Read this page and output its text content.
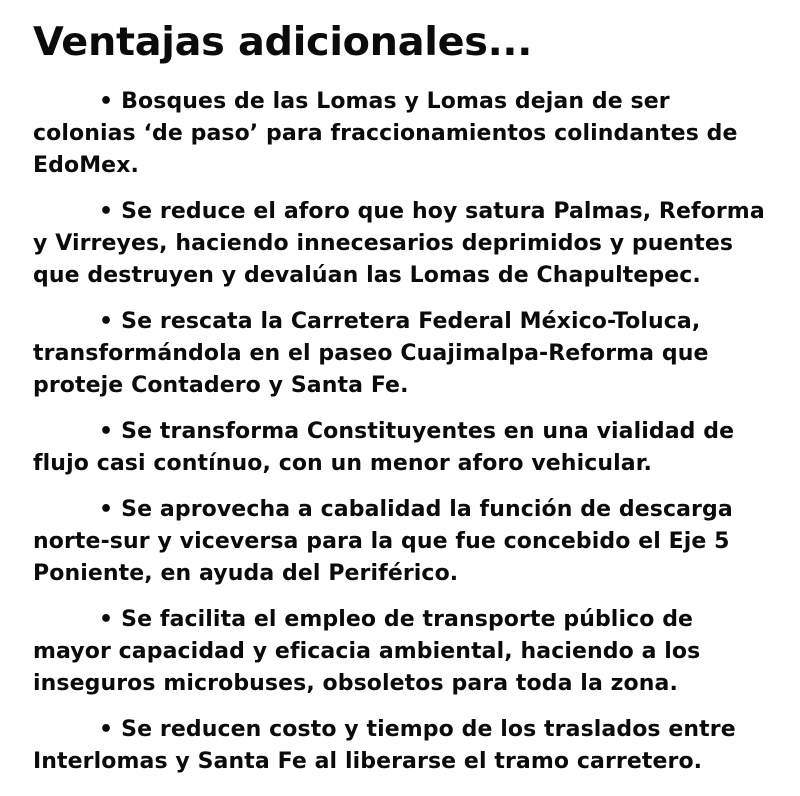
Ventajas adicionales...
• Bosques de las Lomas y Lomas dejan de ser colonias ‘de paso’ para fraccionamientos colindantes de EdoMex.
• Se reduce el aforo que hoy satura Palmas, Reforma y Virreyes, haciendo innecesarios deprimidos y puentes que destruyen y devalúan las Lomas de Chapultepec.
• Se rescata la Carretera Federal México-Toluca, transformándola en el paseo Cuajimalpa-Reforma que proteje Contadero y Santa Fe.
• Se transforma Constituyentes en una vialidad de flujo casi contínuo, con un menor aforo vehicular.
• Se aprovecha a cabalidad la función de descarga norte-sur y viceversa para la que fue concebido el Eje 5 Poniente, en ayuda del Periférico.
• Se facilita el empleo de transporte público de mayor capacidad y eficacia ambiental, haciendo a los inseguros microbuses, obsoletos para toda la zona.
• Se reducen costo y tiempo de los traslados entre Interlomas y Santa Fe al liberarse el tramo carretero.
